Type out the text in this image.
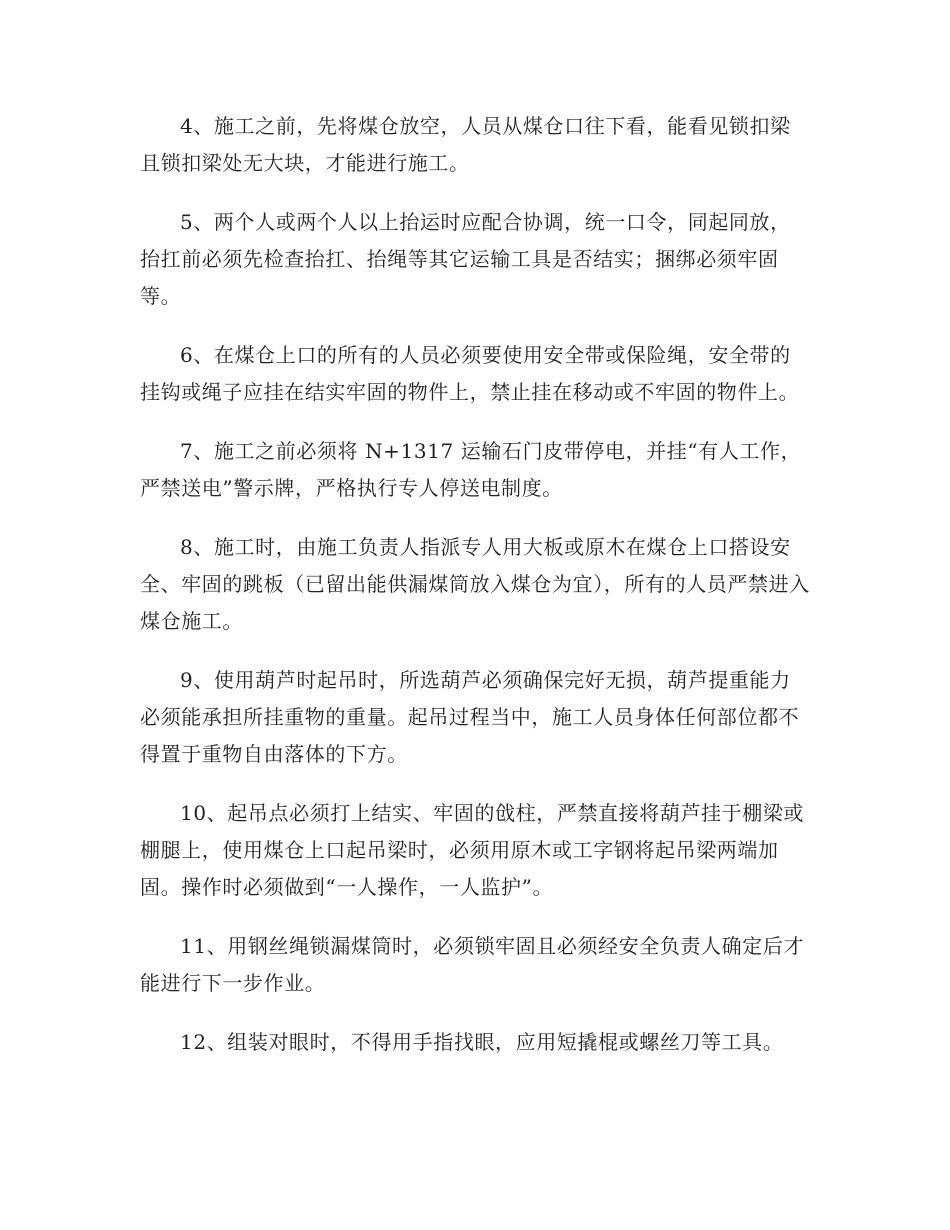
4、施工之前，先将煤仓放空，人员从煤仓口往下看，能看见锁扣梁且锁扣梁处无大块，才能进行施工。

5、两个人或两个人以上抬运时应配合协调，统一口令，同起同放，抬扛前必须先检查抬扛、抬绳等其它运输工具是否结实；捆绑必须牢固等。

6、在煤仓上口的所有的人员必须要使用安全带或保险绳，安全带的挂钩或绳子应挂在结实牢固的物件上，禁止挂在移动或不牢固的物件上。

7、施工之前必须将 N+1317 运输石门皮带停电，并挂“有人工作，严禁送电”警示牌，严格执行专人停送电制度。

8、施工时，由施工负责人指派专人用大板或原木在煤仓上口搭设安全、牢固的跳板（已留出能供漏煤筒放入煤仓为宜），所有的人员严禁进入煤仓施工。

9、使用葫芦时起吊时，所选葫芦必须确保完好无损，葫芦提重能力必须能承担所挂重物的重量。起吊过程当中，施工人员身体任何部位都不得置于重物自由落体的下方。

10、起吊点必须打上结实、牢固的戗柱，严禁直接将葫芦挂于棚梁或棚腿上，使用煤仓上口起吊梁时，必须用原木或工字钢将起吊梁两端加固。操作时必须做到“一人操作，一人监护”。

11、用钢丝绳锁漏煤筒时，必须锁牢固且必须经安全负责人确定后才能进行下一步作业。

12、组装对眼时，不得用手指找眼，应用短撬棍或螺丝刀等工具。
